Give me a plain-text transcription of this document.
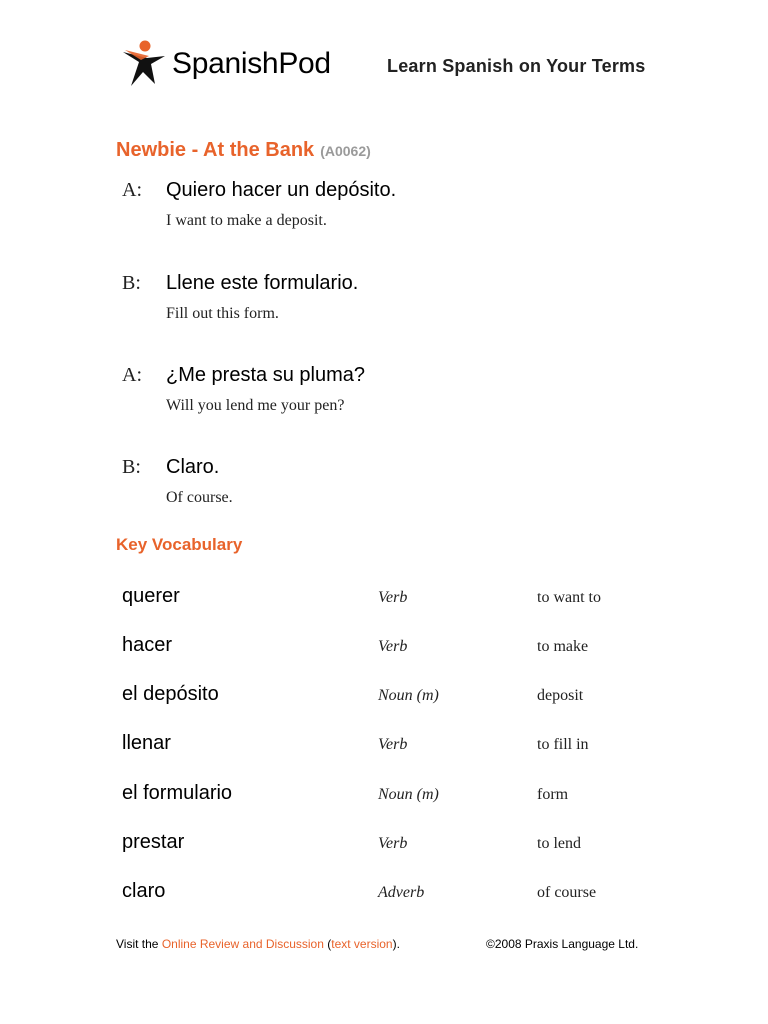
SpanishPod	Learn Spanish on Your Terms
Newbie - At the Bank (A0062)
A: Quiero hacer un depósito.
I want to make a deposit.
B: Llene este formulario.
Fill out this form.
A: ¿Me presta su pluma?
Will you lend me your pen?
B: Claro.
Of course.
Key Vocabulary
querer	Verb	to want to
hacer	Verb	to make
el depósito	Noun (m)	deposit
llenar	Verb	to fill in
el formulario	Noun (m)	form
prestar	Verb	to lend
claro	Adverb	of course
Visit the Online Review and Discussion (text version).	©2008 Praxis Language Ltd.
